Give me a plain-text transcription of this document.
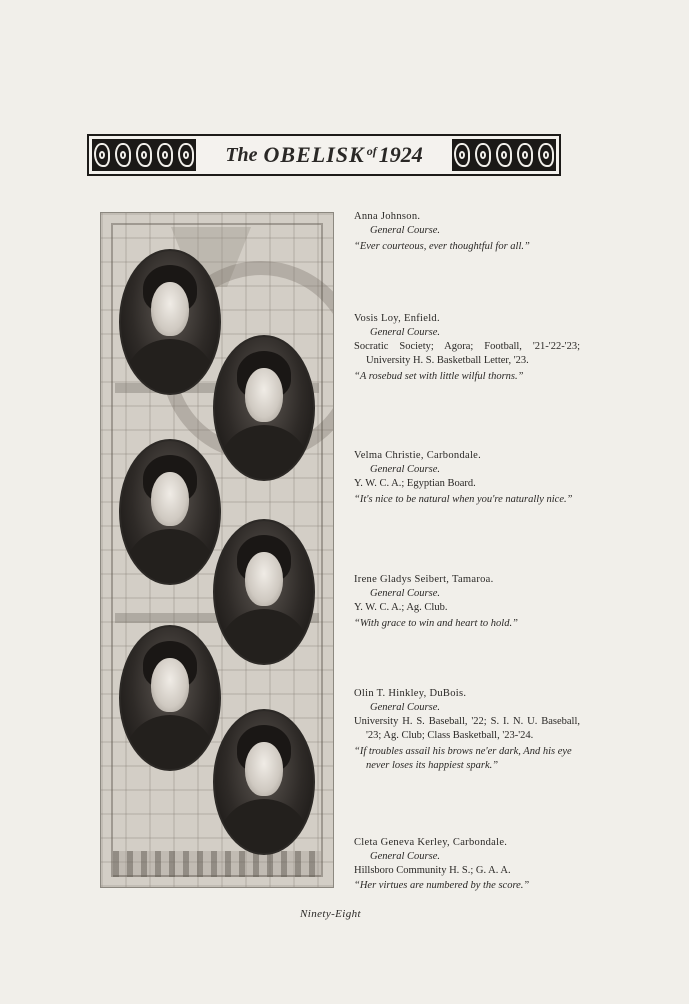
The OBELISK of 1924
Anna Johnson.
General Course.
“Ever courteous, ever thoughtful for all.”
Vosis Loy, Enfield.
General Course.
Socratic Society; Agora; Football, '21-'22-'23; University H. S. Basketball Letter, '23.
“A rosebud set with little wilful thorns.”
Velma Christie, Carbondale.
General Course.
Y. W. C. A.; Egyptian Board.
“It's nice to be natural when you're naturally nice.”
Irene Gladys Seibert, Tamaroa.
General Course.
Y. W. C. A.; Ag. Club.
“With grace to win and heart to hold.”
Olin T. Hinkley, DuBois.
General Course.
University H. S. Baseball, '22; S. I. N. U. Baseball, '23; Ag. Club; Class Basketball, '23-'24.
“If troubles assail his brows ne'er dark, And his eye never loses its happiest spark.”
Cleta Geneva Kerley, Carbondale.
General Course.
Hillsboro Community H. S.; G. A. A.
“Her virtues are numbered by the score.”
Ninety-Eight
